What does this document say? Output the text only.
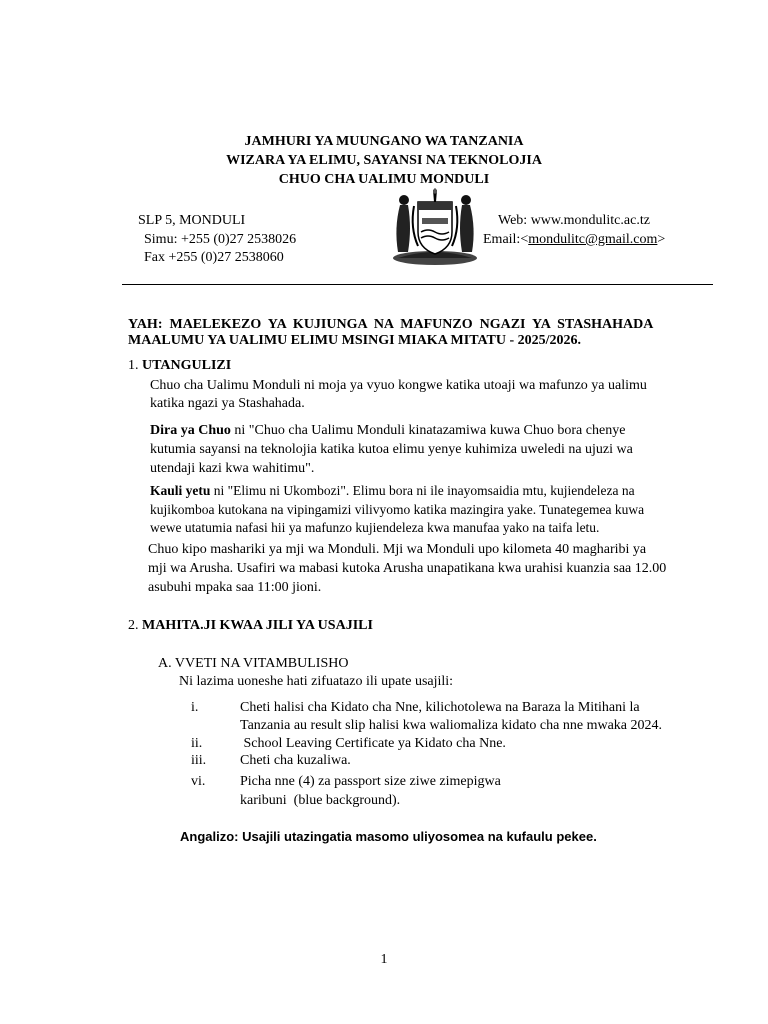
JAMHURI YA MUUNGANO WA TANZANIA
WIZARA YA ELIMU, SAYANSI NA TEKNOLOJIA
CHUO CHA UALIMU MONDULI
SLP 5, MONDULI
Simu: +255 (0)27 2538026
Fax +255 (0)27 2538060
Web: www.mondulitc.ac.tz
Email:<mondulitc@gmail.com>
YAH:  MAELEKEZO  YA  KUJIUNGA  NA  MAFUNZO  NGAZI  YA  STASHAHADA
MAALUMU YA UALIMU ELIMU MSINGI MIAKA MITATU - 2025/2026.
1. UTANGULIZI
Chuo cha Ualimu Monduli ni moja ya vyuo kongwe katika utoaji wa mafunzo ya ualimu
katika ngazi ya Stashahada.
Dira ya Chuo ni "Chuo cha Ualimu Monduli kinatazamiwa kuwa Chuo bora chenye
kutumia sayansi na teknolojia katika kutoa elimu yenye kuhimiza uweledi na ujuzi wa
utendaji kazi kwa wahitimu".
Kauli yetu ni "Elimu ni Ukombozi". Elimu bora ni ile inayomsaidia mtu, kujiendeleza na
kujikomboa kutokana na vipingamizi vilivyomo katika mazingira yake. Tunategemea kuwa
wewe utatumia nafasi hii ya mafunzo kujiendeleza kwa manufaa yako na taifa letu.
Chuo kipo mashariki ya mji wa Monduli. Mji wa Monduli upo kilometa 40 magharibi ya
mji wa Arusha. Usafiri wa mabasi kutoka Arusha unapatikana kwa urahisi kuanzia saa 12.00
asubuhi mpaka saa 11:00 jioni.
2. MAHITA.JI KWAA JILI YA USAJILI
A. VVETI NA VITAMBULISHO
Ni lazima uoneshe hati zifuatazo ili upate usajili:
i.	Cheti halisi cha Kidato cha Nne, kilichotolewa na Baraza la Mitihani la
Tanzania au result slip halisi kwa waliomaliza kidato cha nne mwaka 2024.
ii.	School Leaving Certificate ya Kidato cha Nne.
iii. Cheti cha kuzaliwa.
vi. Picha nne (4) za passport size ziwe zimepigwa
karibuni  (blue background).
Angalizo: Usajili utazingatia masomo uliyosomea na kufaulu pekee.
1
